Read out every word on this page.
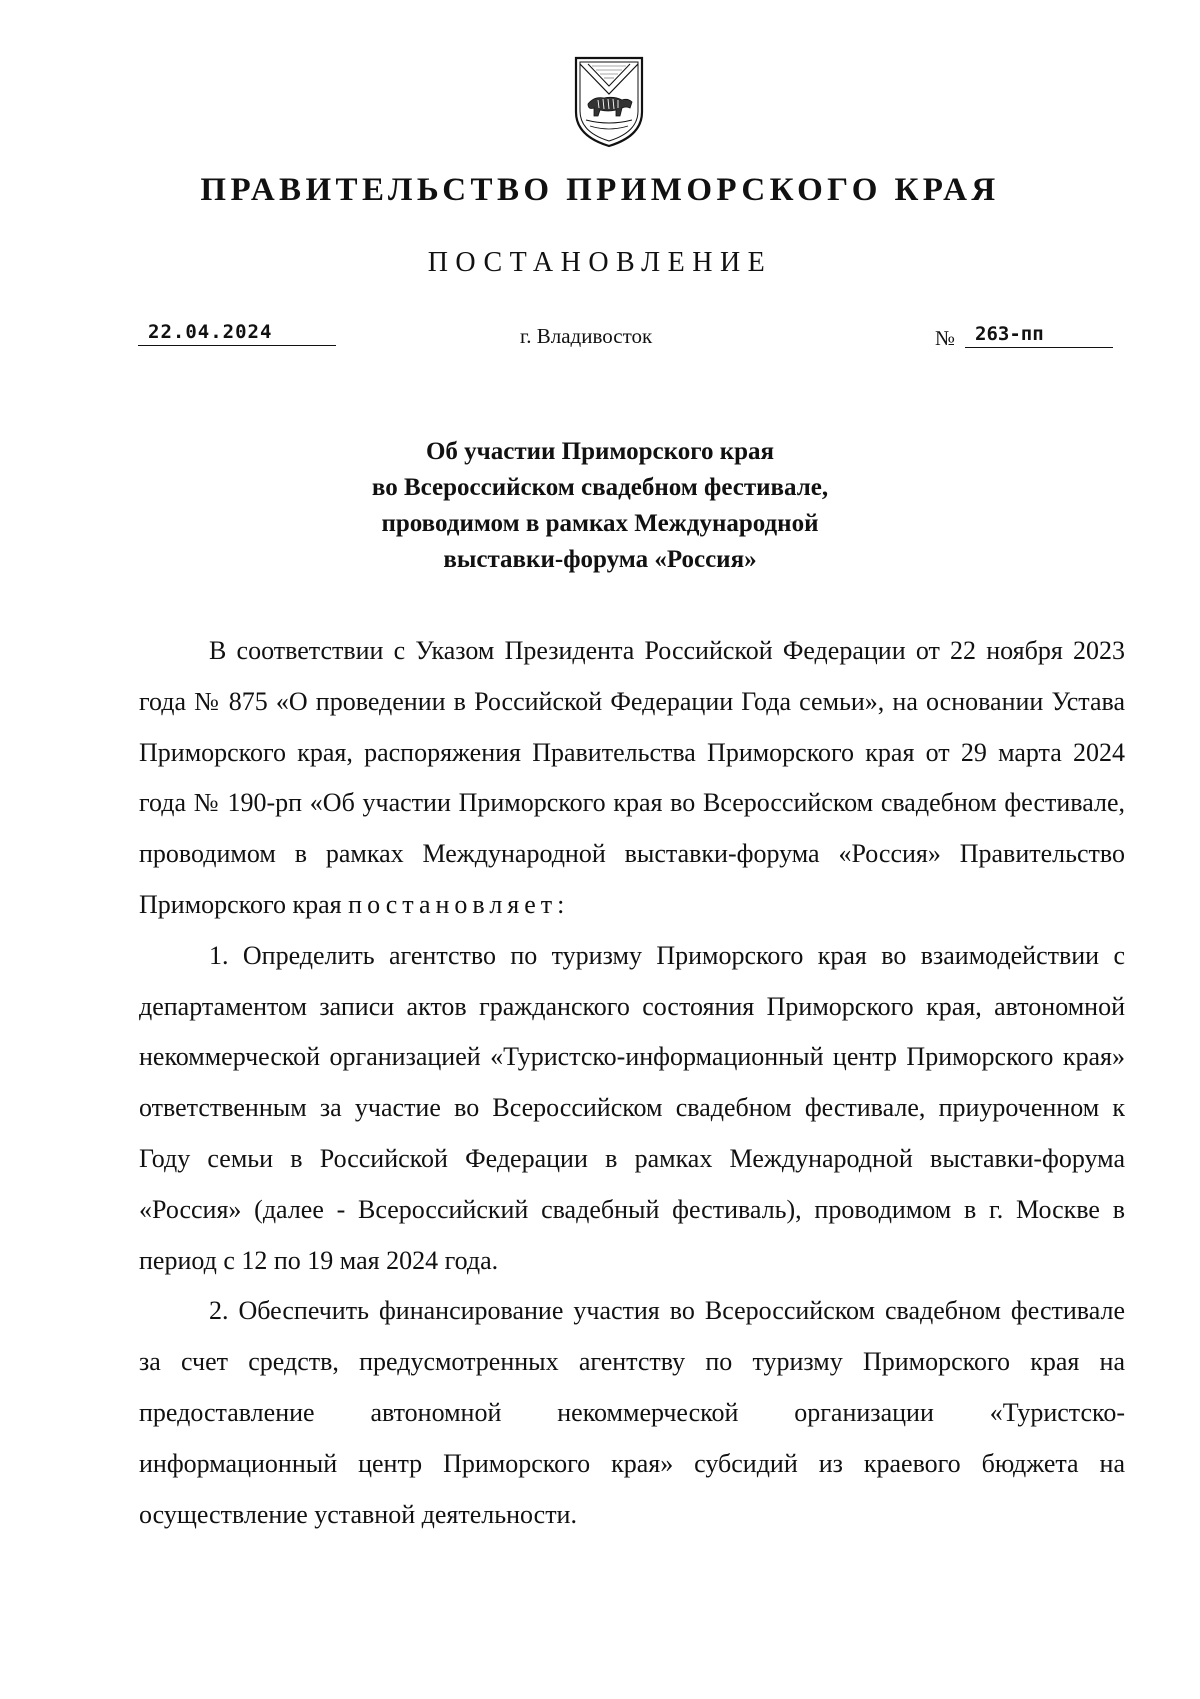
ПРАВИТЕЛЬСТВО ПРИМОРСКОГО КРАЯ
ПОСТАНОВЛЕНИЕ
22.04.2024	г. Владивосток	№	263-пп
Об участии Приморского края
во Всероссийском свадебном фестивале,
проводимом в рамках Международной
выставки-форума «Россия»

В соответствии с Указом Президента Российской Федерации от 22 ноября 2023 года № 875 «О проведении в Российской Федерации Года семьи», на основании Устава Приморского края, распоряжения Правительства Приморского края от 29 марта 2024 года № 190-рп «Об участии Приморского края во Всероссийском свадебном фестивале, проводимом в рамках Международной выставки-форума «Россия» Правительство Приморского края постановляет:

1. Определить агентство по туризму Приморского края во взаимодействии с департаментом записи актов гражданского состояния Приморского края, автономной некоммерческой организацией «Туристско-информационный центр Приморского края» ответственным за участие во Всероссийском свадебном фестивале, приуроченном к Году семьи в Российской Федерации в рамках Международной выставки-форума «Россия» (далее - Всероссийский свадебный фестиваль), проводимом в г. Москве в период с 12 по 19 мая 2024 года.

2. Обеспечить финансирование участия во Всероссийском свадебном фестивале за счет средств, предусмотренных агентству по туризму Приморского края на предоставление автономной некоммерческой организации «Туристско-информационный центр Приморского края» субсидий из краевого бюджета на осуществление уставной деятельности.
